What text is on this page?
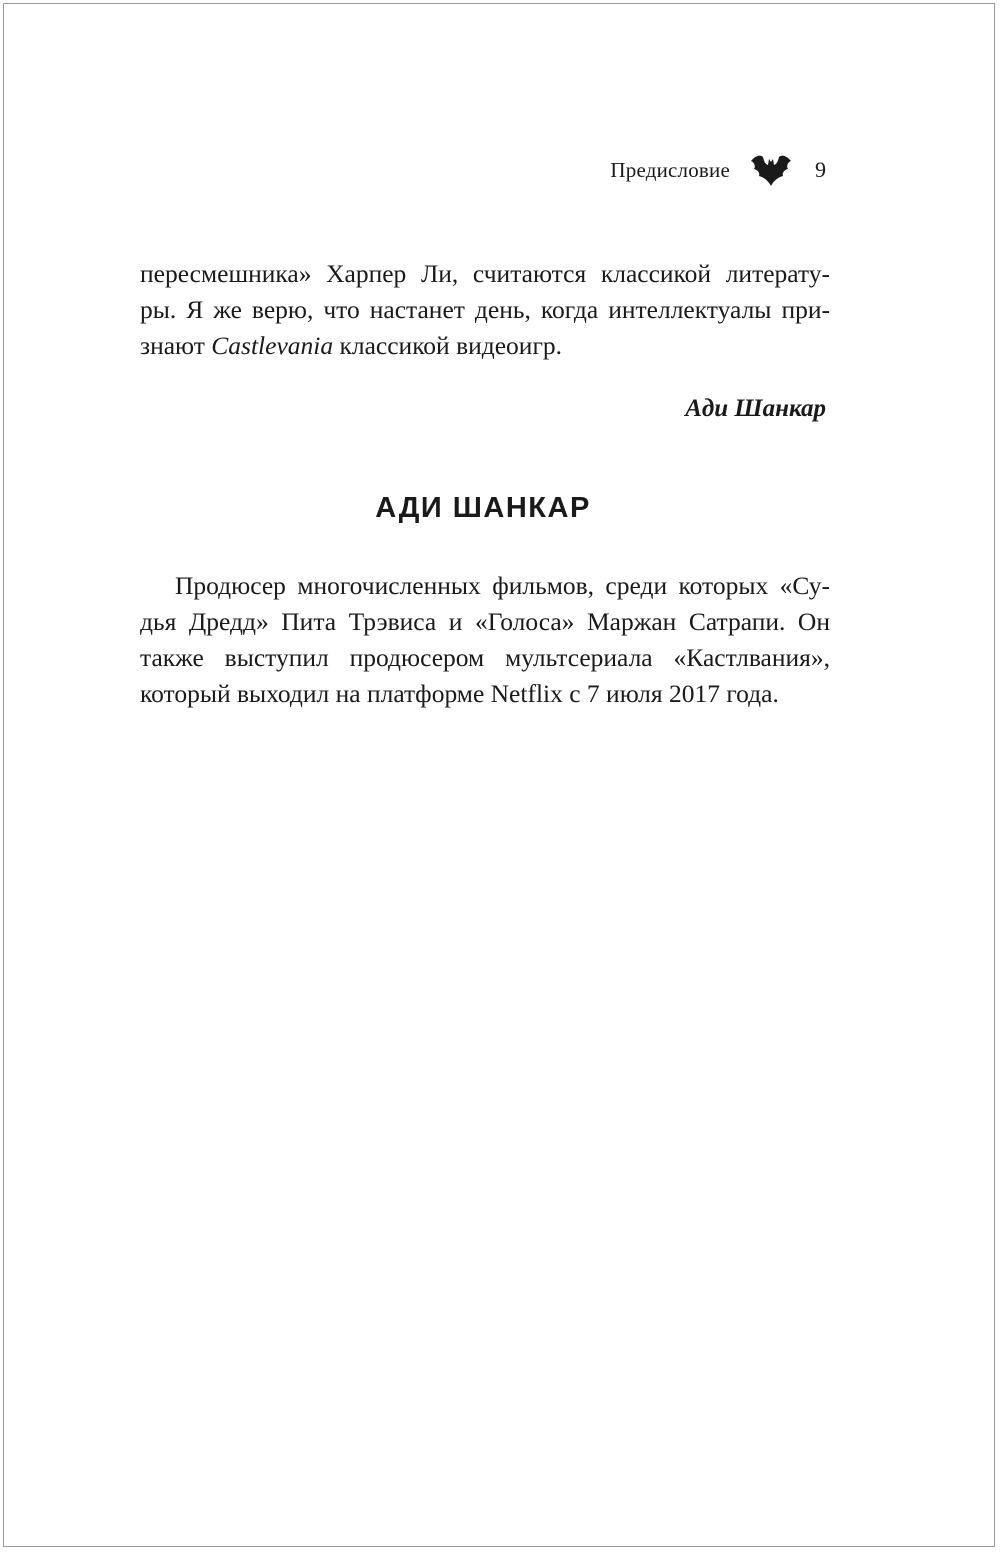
Предисловие	9
пересмешника» Харпер Ли, считаются классикой литерату-
ры. Я же верю, что настанет день, когда интеллектуалы при-
знают Castlevania классикой видеоигр.
Ади Шанкар
АДИ ШАНКАР
Продюсер многочисленных фильмов, среди которых «Су-
дья Дредд» Пита Трэвиса и «Голоса» Маржан Сатрапи. Он
также выступил продюсером мультсериала «Кастлвания»,
который выходил на платформе Netflix с 7 июля 2017 года.
